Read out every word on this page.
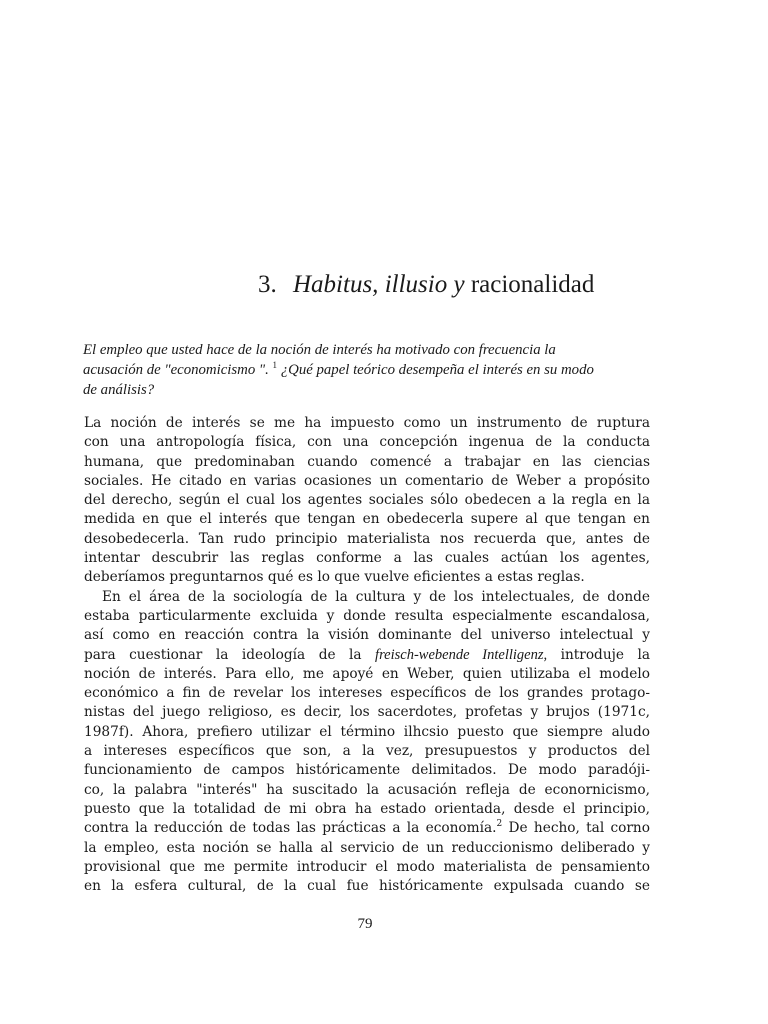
3. Habitus, illusio y racionalidad

El empleo que usted hace de la noción de interés ha motivado con frecuencia la
acusación de "economicismo ". $^1$ ¿Qué papel teórico desempeña el interés en su modo
de análisis?

La noción de interés se me ha impuesto como un instrumento de ruptura
con una antropología física, con una concepción ingenua de la conducta
humana, que predominaban cuando comencé a trabajar en las ciencias
sociales. He citado en varias ocasiones un comentario de Weber a propósito
del derecho, según el cual los agentes sociales sólo obedecen a la regla en la
medida en que el interés que tengan en obedecerla supere al que tengan en
desobedecerla. Tan rudo principio materialista nos recuerda que, antes de
intentar descubrir las reglas conforme a las cuales actúan los agentes,
deberíamos preguntarnos qué es lo que vuelve eficientes a estas reglas.
En el área de la sociología de la cultura y de los intelectuales, de donde
estaba particularmente excluida y donde resulta especialmente escandalosa,
así como en reacción contra la visión dominante del universo intelectual y
para cuestionar la ideología de la freisch-webende Intelligenz, introduje la
noción de interés. Para ello, me apoyé en Weber, quien utilizaba el modelo
económico a fin de revelar los intereses específicos de los grandes protago-
nistas del juego religioso, es decir, los sacerdotes, profetas y brujos (1971c,
1987f). Ahora, prefiero utilizar el término ilhcsio puesto que siempre aludo
a intereses específicos que son, a la vez, presupuestos y productos del
funcionamiento de campos históricamente delimitados. De modo paradóji-
co, la palabra "interés" ha suscitado la acusación refleja de econornicismo,
puesto que la totalidad de mi obra ha estado orientada, desde el principio,
contra la reducción de todas las prácticas a la economía.$^2$ De hecho, tal corno
la empleo, esta noción se halla al servicio de un reduccionismo deliberado y
provisional que me permite introducir el modo materialista de pensamiento
en la esfera cultural, de la cual fue históricamente expulsada cuando se
79
